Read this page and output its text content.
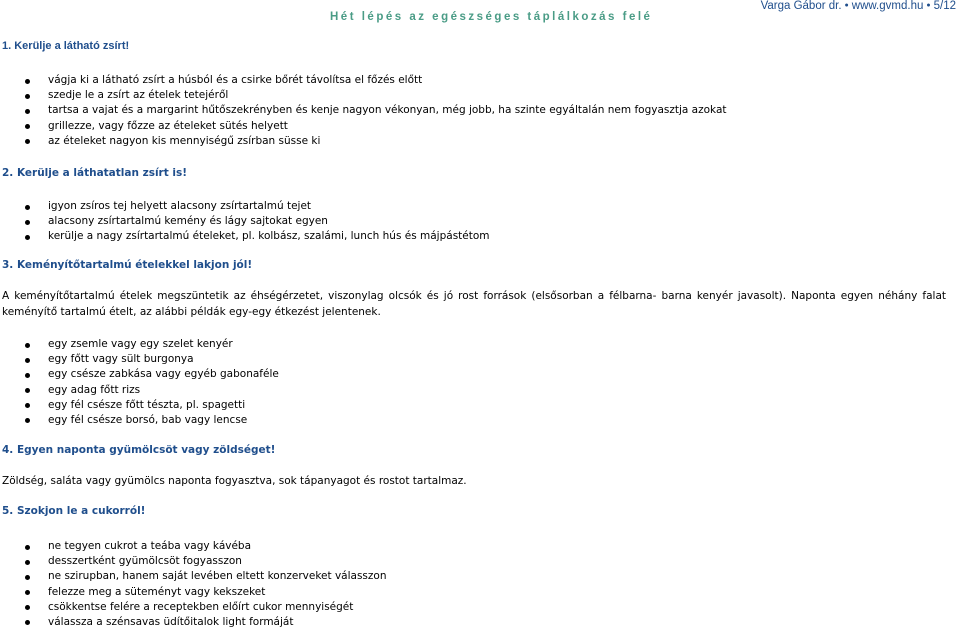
Hét lépés az egészséges táplálkozás felé
Varga Gábor dr. ● www.gvmd.hu ● 5/12
1. Kerülje a látható zsírt!
vágja ki a látható zsírt a húsból és a csirke bőrét távolítsa el főzés előtt
szedje le a zsírt az ételek tetejéről
tartsa a vajat és a margarint hűtőszekrényben és kenje nagyon vékonyan, még jobb, ha szinte egyáltalán nem fogyasztja azokat
grillezze, vagy főzze az ételeket sütés helyett
az ételeket nagyon kis mennyiségű zsírban süsse ki
2. Kerülje a láthatatlan zsírt is!
igyon zsíros tej helyett alacsony zsírtartalmú tejet
alacsony zsírtartalmú kemény és lágy sajtokat egyen
kerülje a nagy zsírtartalmú ételeket, pl. kolbász, szalámi, lunch hús és májpástétom
3. Keményítőtartalmú ételekkel lakjon jól!
A keményítőtartalmú ételek megszüntetik az éhségérzetet, viszonylag olcsók és jó rost források (elsősorban a félbarna- barna kenyér javasolt). Naponta egyen néhány falat keményítő tartalmú ételt, az alábbi példák egy-egy étkezést jelentenek.
egy zsemle vagy egy szelet kenyér
egy főtt vagy sült burgonya
egy csésze zabkása vagy egyéb gabonaféle
egy adag főtt rizs
egy fél csésze főtt tészta, pl. spagetti
egy fél csésze borsó, bab vagy lencse
4. Egyen naponta gyümölcsöt vagy zöldséget!
Zöldség, saláta vagy gyümölcs naponta fogyasztva, sok tápanyagot és rostot tartalmaz.
5. Szokjon le a cukorról!
ne tegyen cukrot a teába vagy kávéba
desszertként gyümölcsöt fogyasszon
ne szirupban, hanem saját levében eltett konzerveket válasszon
felezze meg a süteményt vagy kekszeket
csökkentse felére a receptekben előírt cukor mennyiségét
válassza a szénsavas üdítőitalok light formáját
